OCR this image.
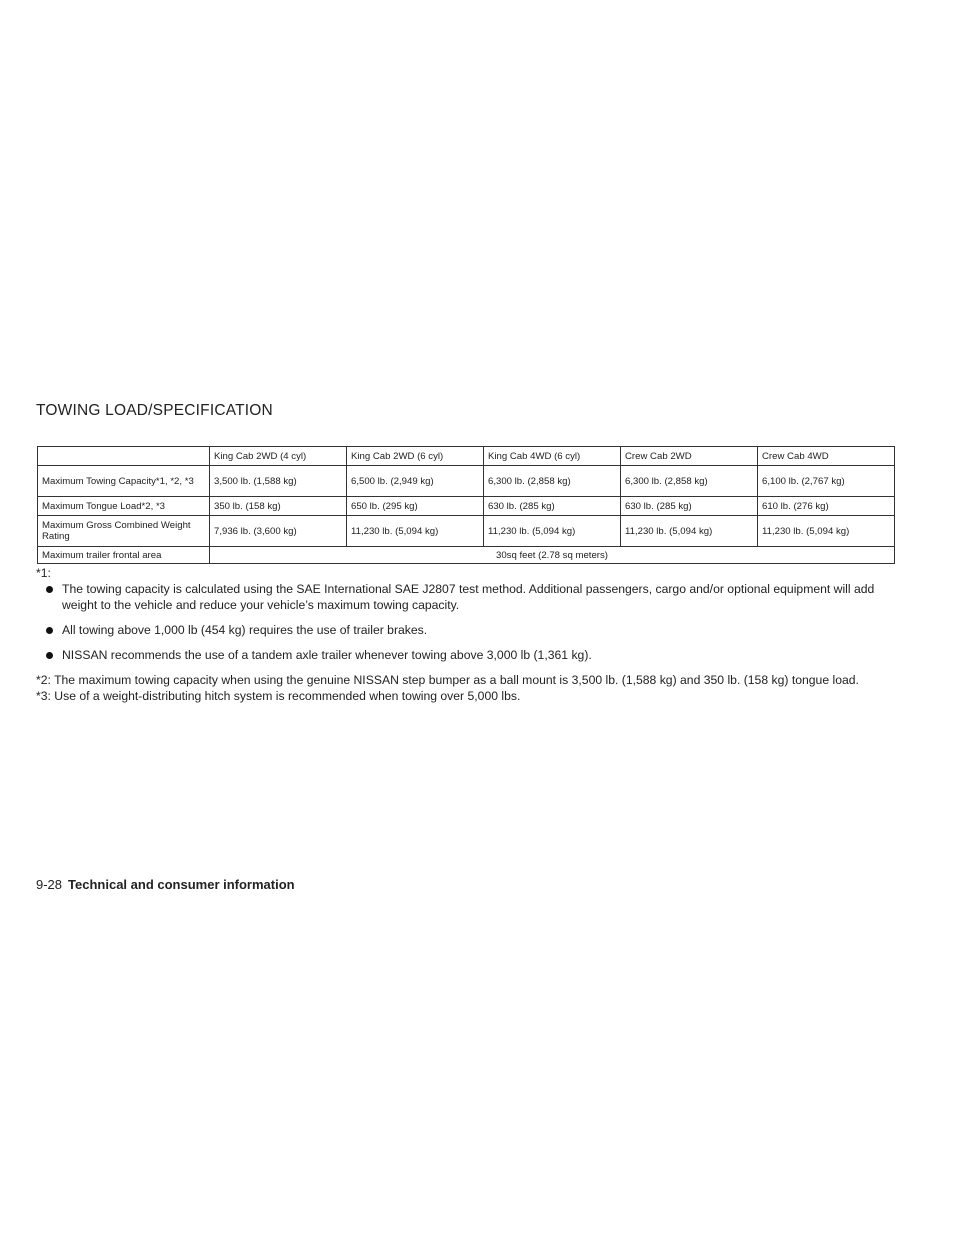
TOWING LOAD/SPECIFICATION
	King Cab 2WD (4 cyl)	King Cab 2WD (6 cyl)	King Cab 4WD (6 cyl)	Crew Cab 2WD	Crew Cab 4WD
Maximum Towing Capacity*1, *2, *3	3,500 lb. (1,588 kg)	6,500 lb. (2,949 kg)	6,300 lb. (2,858 kg)	6,300 lb. (2,858 kg)	6,100 lb. (2,767 kg)
Maximum Tongue Load*2, *3	350 lb. (158 kg)	650 lb. (295 kg)	630 lb. (285 kg)	630 lb. (285 kg)	610 lb. (276 kg)
Maximum Gross Combined Weight Rating	7,936 lb. (3,600 kg)	11,230 lb. (5,094 kg)	11,230 lb. (5,094 kg)	11,230 lb. (5,094 kg)	11,230 lb. (5,094 kg)
Maximum trailer frontal area	30sq feet (2.78 sq meters)				

*1:

The towing capacity is calculated using the SAE International SAE J2807 test method. Additional passengers, cargo and/or optional equipment will add weight to the vehicle and reduce your vehicle’s maximum towing capacity.
All towing above 1,000 lb (454 kg) requires the use of trailer brakes.
NISSAN recommends the use of a tandem axle trailer whenever towing above 3,000 lb (1,361 kg).

*2: The maximum towing capacity when using the genuine NISSAN step bumper as a ball mount is 3,500 lb. (1,588 kg) and 350 lb. (158 kg) tongue load.

*3: Use of a weight-distributing hitch system is recommended when towing over 5,000 lbs.

9-28 Technical and consumer information
